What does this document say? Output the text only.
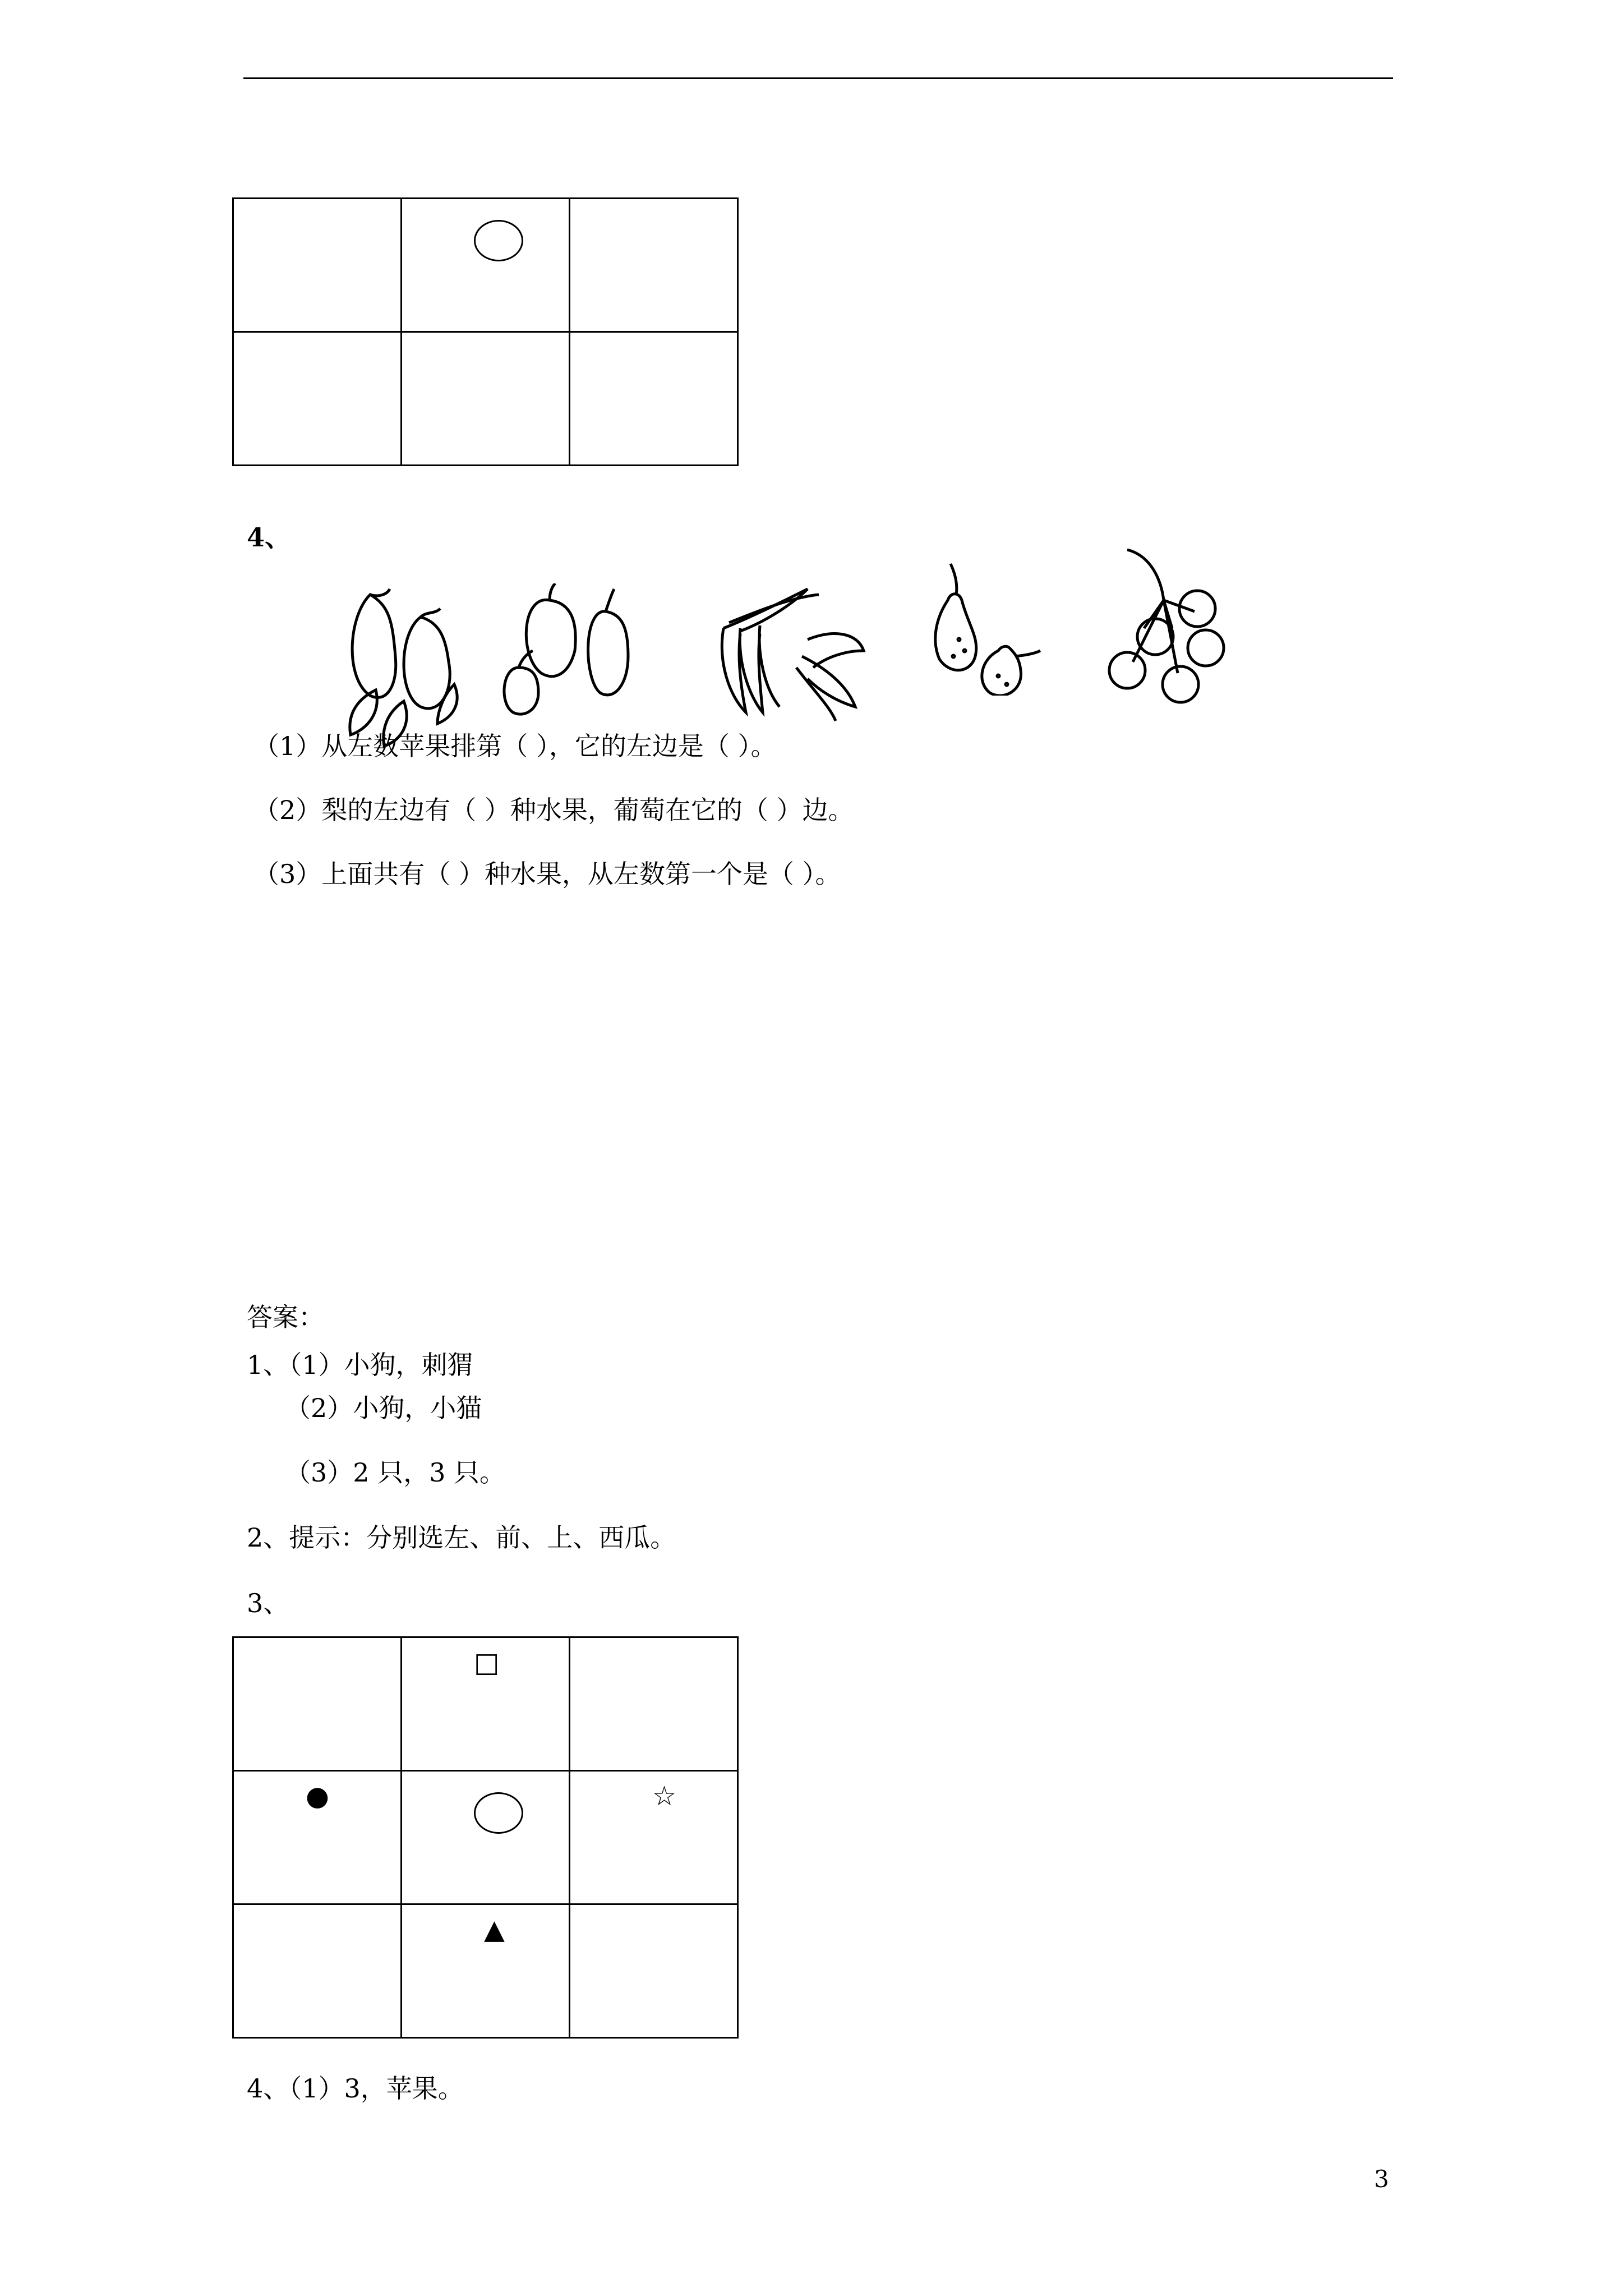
4、
（1）从左数苹果排第（ ），它的左边是（ ）。
（2）梨的左边有（ ）种水果，葡萄在它的（ ）边。
（3）上面共有（ ）种水果，从左数第一个是（ ）。
答案：
1、（1）小狗，刺猬
（2）小狗，小猫
（3）2 只，3 只。
2、提示：分别选左、前、上、西瓜。
3、

	□	

●		☆

	▲	

4、（1）3，苹果。
3
